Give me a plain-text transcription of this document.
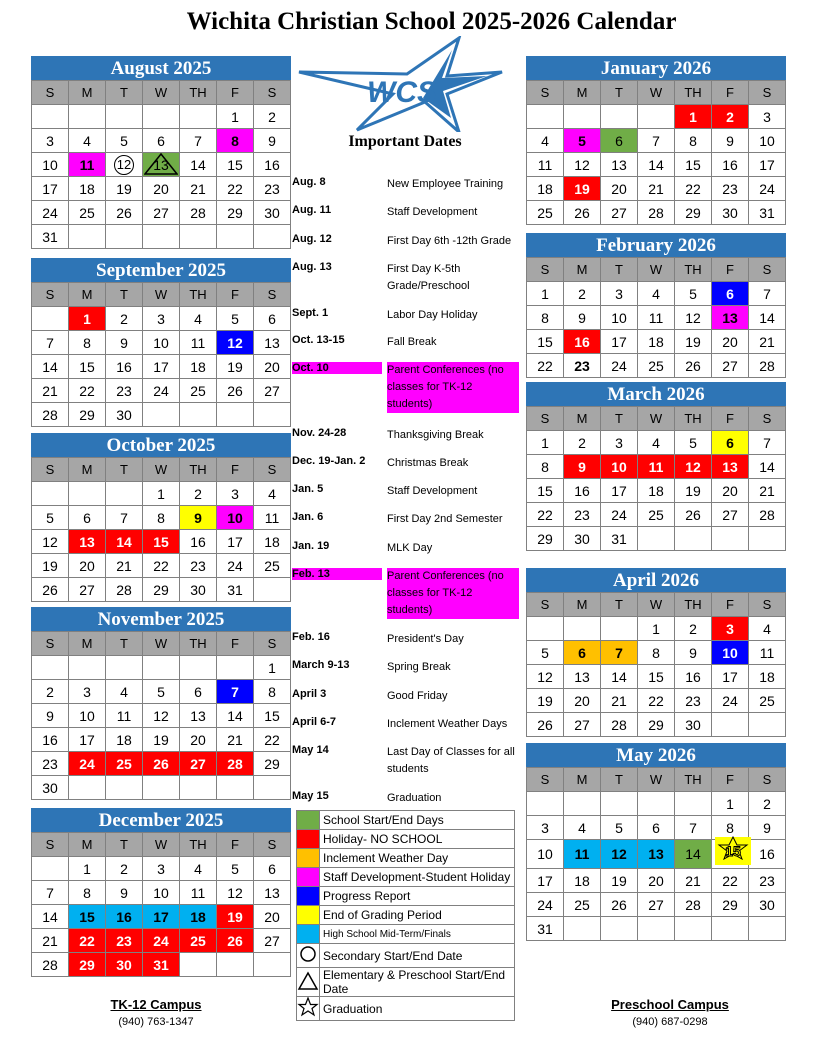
Wichita Christian School 2025-2026 Calendar
August 2025
S	M	T	W	TH	F	S
					1	2
3	4	5	6	7	8	9
10	11	12	13	14	15	16
17	18	19	20	21	22	23
24	25	26	27	28	29	30
31						
September 2025
S	M	T	W	TH	F	S
	1	2	3	4	5	6
7	8	9	10	11	12	13
14	15	16	17	18	19	20
21	22	23	24	25	26	27
28	29	30				
October 2025
S	M	T	W	TH	F	S
			1	2	3	4
5	6	7	8	9	10	11
12	13	14	15	16	17	18
19	20	21	22	23	24	25
26	27	28	29	30	31	
November 2025
S	M	T	W	TH	F	S
						1
2	3	4	5	6	7	8
9	10	11	12	13	14	15
16	17	18	19	20	21	22
23	24	25	26	27	28	29
30						
December 2025
S	M	T	W	TH	F	S
	1	2	3	4	5	6
7	8	9	10	11	12	13
14	15	16	17	18	19	20
21	22	23	24	25	26	27
28	29	30	31			
January 2026
S	M	T	W	TH	F	S
				1	2	3
4	5	6	7	8	9	10
11	12	13	14	15	16	17
18	19	20	21	22	23	24
25	26	27	28	29	30	31
February 2026
S	M	T	W	TH	F	S
1	2	3	4	5	6	7
8	9	10	11	12	13	14
15	16	17	18	19	20	21
22	23	24	25	26	27	28
March 2026
S	M	T	W	TH	F	S
1	2	3	4	5	6	7
8	9	10	11	12	13	14
15	16	17	18	19	20	21
22	23	24	25	26	27	28
29	30	31				
April 2026
S	M	T	W	TH	F	S
			1	2	3	4
5	6	7	8	9	10	11
12	13	14	15	16	17	18
19	20	21	22	23	24	25
26	27	28	29	30		
May 2026
S	M	T	W	TH	F	S
					1	2
3	4	5	6	7	8	9
10	11	12	13	14	15	16
17	18	19	20	21	22	23
24	25	26	27	28	29	30
31						
WCS
Important Dates
Aug. 8	New Employee Training
Aug. 11	Staff Development
Aug. 12	First Day 6th -12th Grade
Aug. 13	First Day K-5th Grade/Preschool
Sept. 1	Labor Day Holiday
Oct. 13-15	Fall Break
Oct. 10	Parent Conferences (no classes for TK-12 students)
Nov. 24-28	Thanksgiving Break
Dec. 19-Jan. 2	Christmas Break
Jan. 5	Staff Development
Jan. 6	First Day 2nd Semester
Jan. 19	MLK Day
Feb. 13	Parent Conferences (no classes for TK-12 students)
Feb. 16	President's Day
March 9-13	Spring Break
April 3	Good Friday
April 6-7	Inclement Weather Days
May 14	Last Day of Classes for all students
May 15	Graduation
	School Start/End Days
	Holiday- NO SCHOOL
	Inclement Weather Day
	Staff Development-Student Holiday
	Progress Report
	End of Grading Period
	High School Mid-Term/Finals
	Secondary Start/End Date
	Elementary & Preschool Start/End Date
	Graduation
TK-12 Campus
(940) 763-1347
Preschool Campus
(940) 687-0298
